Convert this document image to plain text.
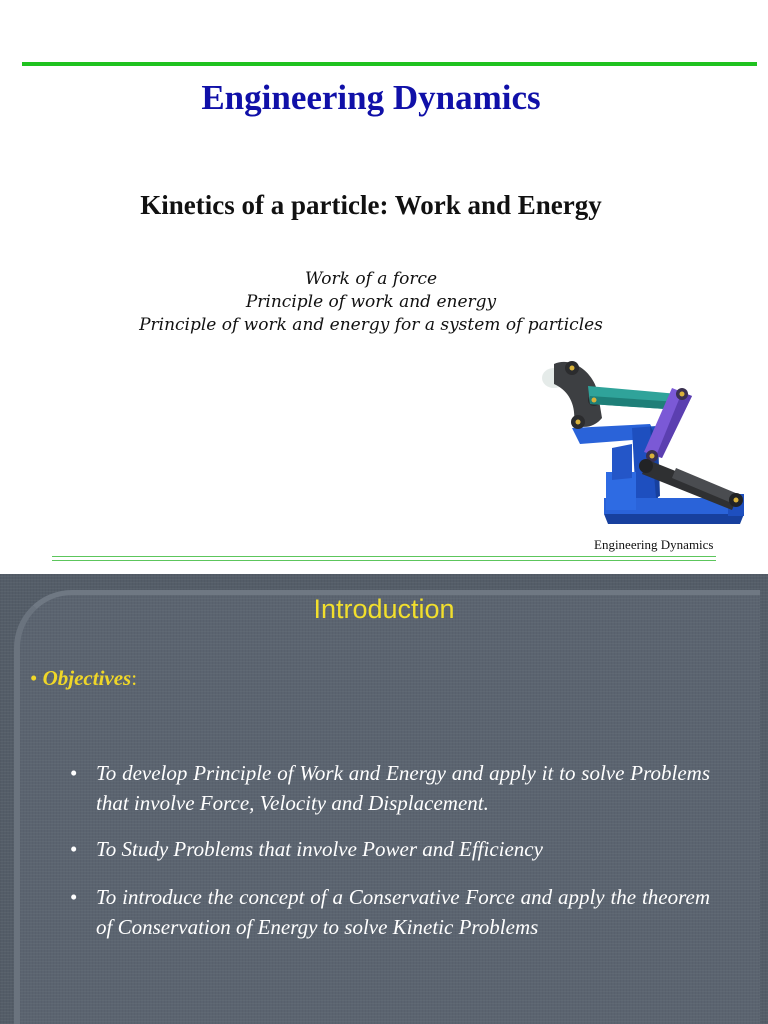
Engineering Dynamics
Kinetics of a particle: Work and Energy
Work of a force
Principle of work and energy
Principle of work and energy for a system of particles
Engineering Dynamics
Introduction
• Objectives:
• To develop Principle of Work and Energy and apply it to solve Problems that involve Force, Velocity and Displacement.
• To Study Problems that involve Power and Efficiency
• To introduce the concept of a Conservative Force and apply the theorem of Conservation of Energy to solve Kinetic Problems
